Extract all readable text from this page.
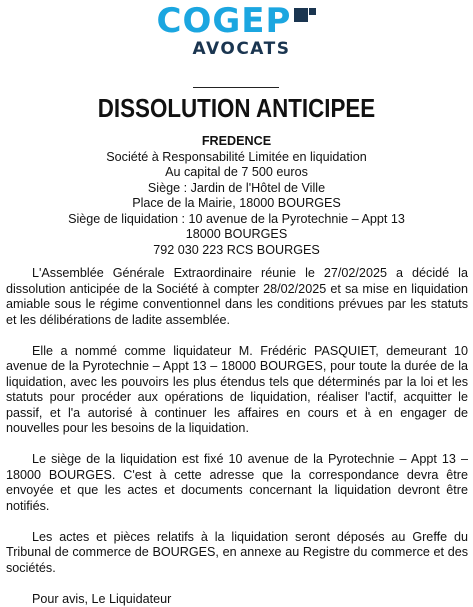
COGEP
AVOCATS
DISSOLUTION ANTICIPEE
FREDENCE
Société à Responsabilité Limitée en liquidation
Au capital de 7 500 euros
Siège : Jardin de l'Hôtel de Ville
Place de la Mairie, 18000 BOURGES
Siège de liquidation : 10 avenue de la Pyrotechnie – Appt 13
18000 BOURGES
792 030 223 RCS BOURGES

L'Assemblée Générale Extraordinaire réunie le 27/02/2025 a décidé la dissolution anticipée de la Société à compter 28/02/2025 et sa mise en liquidation amiable sous le régime conventionnel dans les conditions prévues par les statuts et les délibérations de ladite assemblée.

Elle a nommé comme liquidateur M. Frédéric PASQUIET, demeurant 10 avenue de la Pyrotechnie – Appt 13 – 18000 BOURGES, pour toute la durée de la liquidation, avec les pouvoirs les plus étendus tels que déterminés par la loi et les statuts pour procéder aux opérations de liquidation, réaliser l'actif, acquitter le passif, et l'a autorisé à continuer les affaires en cours et à en engager de nouvelles pour les besoins de la liquidation.

Le siège de la liquidation est fixé 10 avenue de la Pyrotechnie – Appt 13 – 18000 BOURGES. C'est à cette adresse que la correspondance devra être envoyée et que les actes et documents concernant la liquidation devront être notifiés.

Les actes et pièces relatifs à la liquidation seront déposés au Greffe du Tribunal de commerce de BOURGES, en annexe au Registre du commerce et des sociétés.

Pour avis, Le Liquidateur
